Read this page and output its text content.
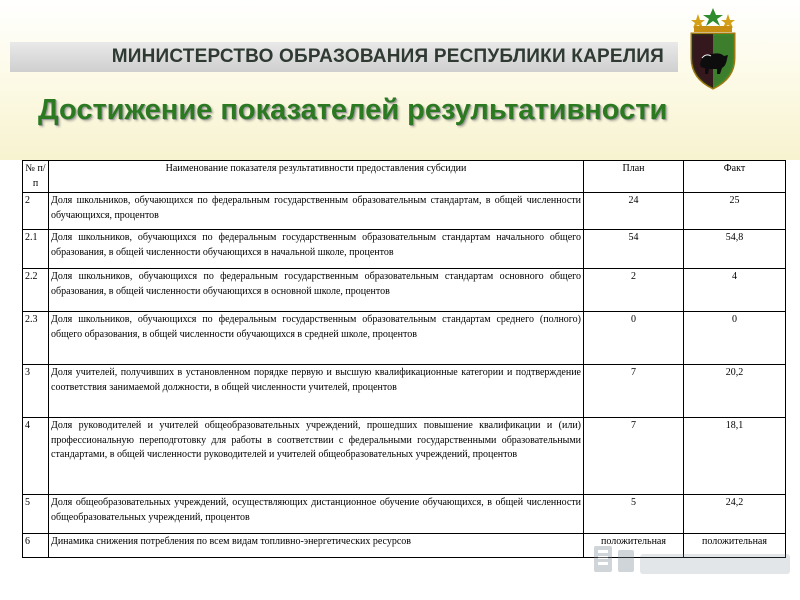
МИНИСТЕРСТВО ОБРАЗОВАНИЯ РЕСПУБЛИКИ КАРЕЛИЯ
Достижение показателей результативности
№ п/п	Наименование показателя результативности предоставления субсидии	План	Факт
2	Доля школьников, обучающихся по федеральным государственным образовательным стандартам, в общей численности обучающихся, процентов	24	25
2.1	Доля школьников, обучающихся по федеральным государственным образовательным стандартам начального общего образования, в общей численности обучающихся в начальной школе, процентов	54	54,8
2.2	Доля школьников, обучающихся по федеральным государственным образовательным стандартам основного общего образования, в общей численности обучающихся в основной школе, процентов	2	4
2.3	Доля школьников, обучающихся по федеральным государственным образовательным стандартам среднего (полного) общего образования, в общей численности обучающихся в средней школе, процентов	0	0
3	Доля учителей, получивших в установленном порядке первую и высшую квалификационные категории и подтверждение соответствия занимаемой должности, в общей численности учителей, процентов	7	20,2
4	Доля руководителей и учителей общеобразовательных учреждений, прошедших повышение квалификации и (или) профессиональную переподготовку для работы в соответствии с федеральными государственными образовательными стандартами, в общей численности руководителей и учителей общеобразовательных учреждений, процентов	7	18,1
5	Доля общеобразовательных учреждений, осуществляющих дистанционное обучение обучающихся, в общей численности общеобразовательных учреждений, процентов	5	24,2
6	Динамика снижения потребления по всем видам топливно-энергетических ресурсов	положительная	положительная
